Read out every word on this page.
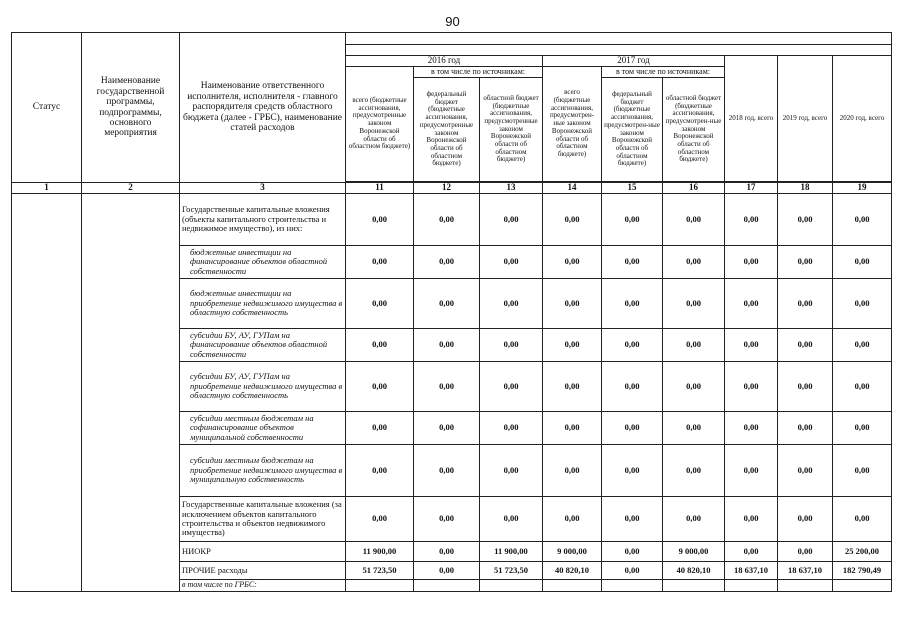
90
Статус	Наименование государственной программы, подпрограммы, основного мероприятия	Наименование ответственного исполнителя, исполнителя - главного распорядителя средств областного бюджета (далее - ГРБС), наименование статей расходов									

			2016 год			2017 год			2018 год, всего	2019 год, всего	2020 год, всего
			всего (бюджетные ассигнования, предусмотренные законом Воронежской области об областном бюджете)	в том числе по источникам:		всего (бюджетные ассигнования, предусмотрен-ные законом Воронежской области об областном бюджете)	в том числе по источникам:				
				федеральный бюджет (бюджетные ассигнования, предусмотренные законом Воронежской области об областном бюджете)	областной бюджет (бюджетные ассигнования, предусмотренные законом Воронежской области об областном бюджете)		федеральный бюджет (бюджетные ассигнования, предусмотрен-ные законом Воронежской области об областном бюджете)	областной бюджет (бюджетные ассигнования, предусмотрен-ные законом Воронежской области об областном бюджете)			

1	2	3	11	12	13	14	15	16	17	18	19
		Государственные капитальные вложения (объекты капитального строительства и недвижимое имущество), из них:	0,00	0,00	0,00	0,00	0,00	0,00	0,00	0,00	0,00
		бюджетные инвестиции на финансирование объектов областной собственности	0,00	0,00	0,00	0,00	0,00	0,00	0,00	0,00	0,00
		бюджетные инвестиции на приобретение недвижимого имущества в областную собственность	0,00	0,00	0,00	0,00	0,00	0,00	0,00	0,00	0,00
		субсидии БУ, АУ, ГУПам на финансирование объектов областной собственности	0,00	0,00	0,00	0,00	0,00	0,00	0,00	0,00	0,00
		субсидии БУ, АУ, ГУПам на приобретение недвижимого имущества в областную собственность	0,00	0,00	0,00	0,00	0,00	0,00	0,00	0,00	0,00
		субсидии местным бюджетам на софинансирование объектов муниципальной собственности	0,00	0,00	0,00	0,00	0,00	0,00	0,00	0,00	0,00
		субсидии местным бюджетам на приобретение недвижимого имущества в муниципальную собственность	0,00	0,00	0,00	0,00	0,00	0,00	0,00	0,00	0,00
		Государственные капитальные вложения (за исключением объектов капитального строительства и объектов недвижимого имущества)	0,00	0,00	0,00	0,00	0,00	0,00	0,00	0,00	0,00
		НИОКР	11 900,00	0,00	11 900,00	9 000,00	0,00	9 000,00	0,00	0,00	25 200,00
		ПРОЧИЕ расходы	51 723,50	0,00	51 723,50	40 820,10	0,00	40 820,10	18 637,10	18 637,10	182 790,49
		в том числе по ГРБС:									
